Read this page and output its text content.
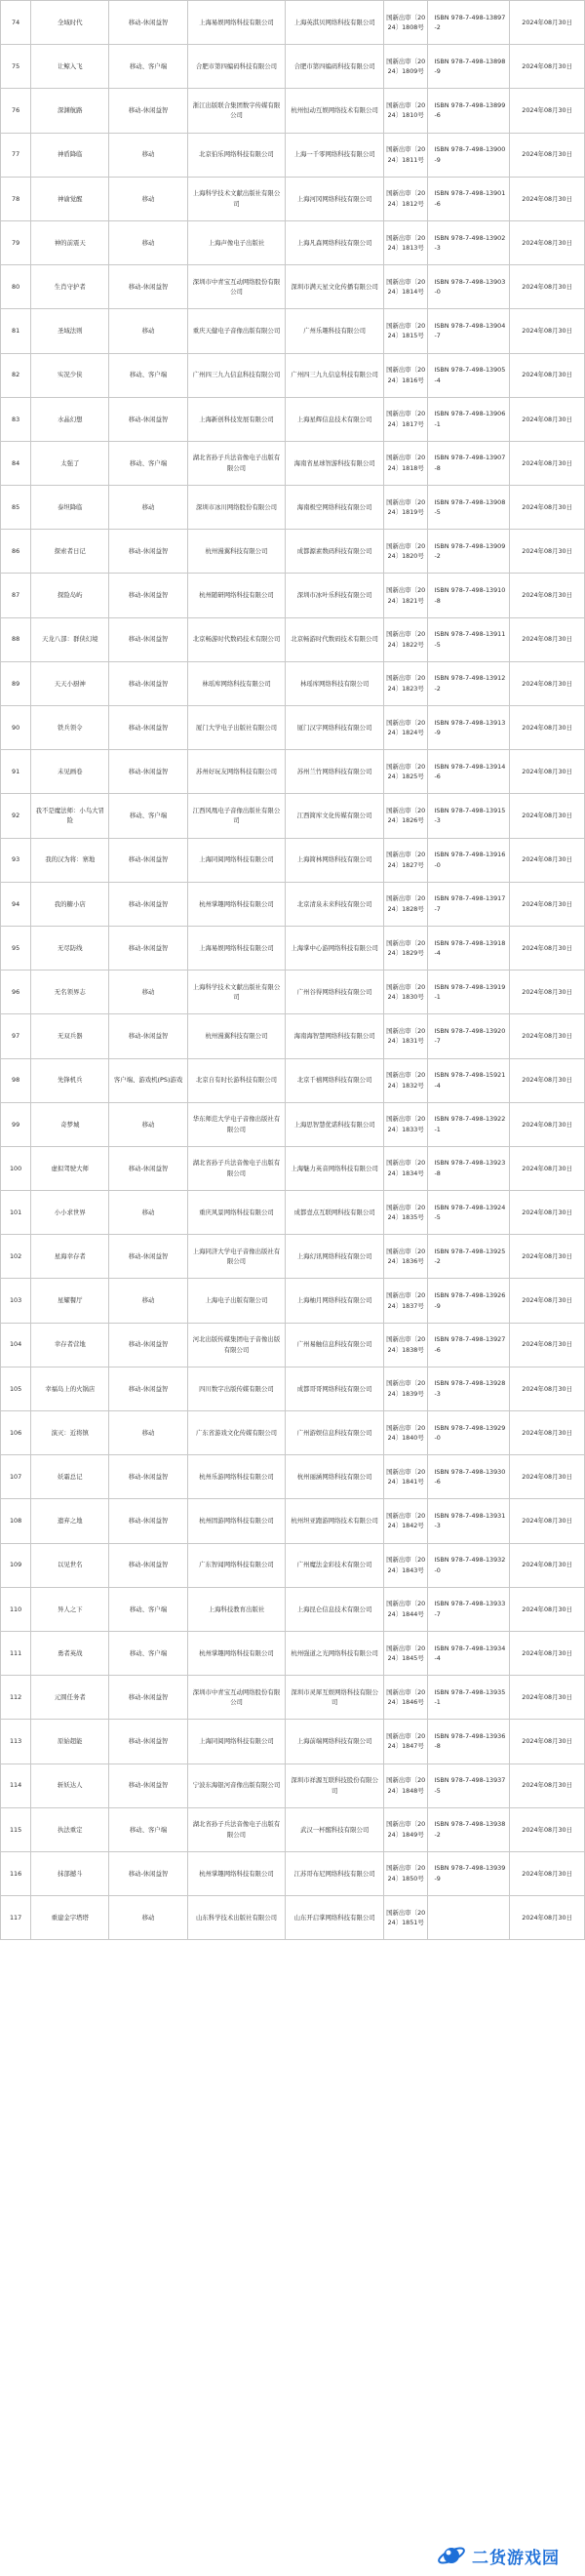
74	全域时代	移动-休闲益智	上海易娱网络科技有限公司	上海英淇贝网络科技有限公司	国新出审〔2024〕1808号	ISBN 978-7-498-13897-2	2024年08月30日
75	让鲸入飞	移动、客户端	合肥市第四编码科技有限公司	合肥市第四编码科技有限公司	国新出审〔2024〕1809号	ISBN 978-7-498-13898-9	2024年08月30日
76	深渊航路	移动-休闲益智	浙江出版联合集团数字传媒有限公司	杭州恒动互娱网络技术有限公司	国新出审〔2024〕1810号	ISBN 978-7-498-13899-6	2024年08月30日
77	神盾降临	移动	北京伯乐网络科技有限公司	上海一千零网络科技有限公司	国新出审〔2024〕1811号	ISBN 978-7-498-13900-9	2024年08月30日
78	神谕觉醒	移动	上海科学技术文献出版社有限公司	上海河冈网络科技有限公司	国新出审〔2024〕1812号	ISBN 978-7-498-13901-6	2024年08月30日
79	神的前震天	移动	上海声像电子出版社	上海凡森网络科技有限公司	国新出审〔2024〕1813号	ISBN 978-7-498-13902-3	2024年08月30日
80	生肖守护者	移动-休闲益智	深圳市中青宝互动网络股份有限公司	深圳市满天星文化传播有限公司	国新出审〔2024〕1814号	ISBN 978-7-498-13903-0	2024年08月30日
81	圣域法则	移动	重庆天健电子音像出版有限公司	广州乐趣科技有限公司	国新出审〔2024〕1815号	ISBN 978-7-498-13904-7	2024年08月30日
82	实况少侠	移动、客户端	广州四三九九信息科技有限公司	广州四三九九信息科技有限公司	国新出审〔2024〕1816号	ISBN 978-7-498-13905-4	2024年08月30日
83	水晶幻想	移动-休闲益智	上海新创科技发展有限公司	上海星辉信息技术有限公司	国新出审〔2024〕1817号	ISBN 978-7-498-13906-1	2024年08月30日
84	太强了	移动、客户端	湖北省孙子兵法音像电子出版有限公司	海南省星球智游科技有限公司	国新出审〔2024〕1818号	ISBN 978-7-498-13907-8	2024年08月30日
85	泰坦降临	移动	深圳市冰川网络股份有限公司	海南极空网络科技有限公司	国新出审〔2024〕1819号	ISBN 978-7-498-13908-5	2024年08月30日
86	探索者日记	移动-休闲益智	杭州漫翼科技有限公司	成都源素数码科技有限公司	国新出审〔2024〕1820号	ISBN 978-7-498-13909-2	2024年08月30日
87	探险岛屿	移动-休闲益智	杭州随研网络科技有限公司	深圳市冰叶乐科技有限公司	国新出审〔2024〕1821号	ISBN 978-7-498-13910-8	2024年08月30日
88	天龙八部：群侠幻境	移动-休闲益智	北京畅游时代数码技术有限公司	北京畅游时代数码技术有限公司	国新出审〔2024〕1822号	ISBN 978-7-498-13911-5	2024年08月30日
89	天天小厨神	移动-休闲益智	林瑶库网络科技有限公司	林瑶库网络科技有限公司	国新出审〔2024〕1823号	ISBN 978-7-498-13912-2	2024年08月30日
90	铁兵领令	移动-休闲益智	厦门大学电子出版社有限公司	厦门汉字网络科技有限公司	国新出审〔2024〕1824号	ISBN 978-7-498-13913-9	2024年08月30日
91	未见画卷	移动-休闲益智	苏州好玩友网络科技有限公司	苏州兰竹网络科技有限公司	国新出审〔2024〕1825号	ISBN 978-7-498-13914-6	2024年08月30日
92	我不是魔法师：小鸟大冒险	移动、客户端	江西风凰电子音像出版社有限公司	江西简库文化传媒有限公司	国新出审〔2024〕1826号	ISBN 978-7-498-13915-3	2024年08月30日
93	我的汉为将：寨地	移动-休闲益智	上海同阅网络科技有限公司	上海简林网络科技有限公司	国新出审〔2024〕1827号	ISBN 978-7-498-13916-0	2024年08月30日
94	我的糖小店	移动-休闲益智	杭州掌趣网络科技有限公司	北京清泉未来科技有限公司	国新出审〔2024〕1828号	ISBN 978-7-498-13917-7	2024年08月30日
95	无尽防线	移动-休闲益智	上海易娱网络科技有限公司	上海掌中心游网络科技有限公司	国新出审〔2024〕1829号	ISBN 978-7-498-13918-4	2024年08月30日
96	无名领界志	移动	上海科学技术文献出版社有限公司	广州谷得网络科技有限公司	国新出审〔2024〕1830号	ISBN 978-7-498-13919-1	2024年08月30日
97	无双兵器	移动-休闲益智	杭州漫翼科技有限公司	海南海智慧网络科技有限公司	国新出审〔2024〕1831号	ISBN 978-7-498-13920-7	2024年08月30日
98	先锋机兵	客户端、游戏机(PS)游戏	北京自有时长游科技有限公司	北京千禧网络科技有限公司	国新出审〔2024〕1832号	ISBN 978-7-498-15921-4	2024年08月30日
99	奇梦城	移动	华东师范大学电子音像出版社有限公司	上海思智慧优诺科技有限公司	国新出审〔2024〕1833号	ISBN 978-7-498-13922-1	2024年08月30日
100	虚拟驾驶大师	移动-休闲益智	湖北省孙子兵法音像电子出版有限公司	上海魅力英音网络科技有限公司	国新出审〔2024〕1834号	ISBN 978-7-498-13923-8	2024年08月30日
101	小小求世界	移动	重庆风景网络科技有限公司	成都壹点互联网科技有限公司	国新出审〔2024〕1835号	ISBN 978-7-498-13924-5	2024年08月30日
102	星海幸存者	移动-休闲益智	上海同济大学电子音像出版社有限公司	上海幻讯网络科技有限公司	国新出审〔2024〕1836号	ISBN 978-7-498-13925-2	2024年08月30日
103	星耀餐厅	移动	上海电子出版有限公司	上海柚月网络科技有限公司	国新出审〔2024〕1837号	ISBN 978-7-498-13926-9	2024年08月30日
104	幸存者营地	移动-休闲益智	河北出版传媒集团电子音像出版有限公司	广州易触信息科技有限公司	国新出审〔2024〕1838号	ISBN 978-7-498-13927-6	2024年08月30日
105	幸福岛上的火锅店	移动-休闲益智	四川数字出版传媒有限公司	成都哥哥网络科技有限公司	国新出审〔2024〕1839号	ISBN 978-7-498-13928-3	2024年08月30日
106	演灭：近将镇	移动	广东省游戏文化传媒有限公司	广州游娱信息科技有限公司	国新出审〔2024〕1840号	ISBN 978-7-498-13929-0	2024年08月30日
107	妖霜总记	移动-休闲益智	杭州乐游网络科技有限公司	杭州丽涵网络科技有限公司	国新出审〔2024〕1841号	ISBN 978-7-498-13930-6	2024年08月30日
108	遗弃之地	移动-休闲益智	杭州固游网络科技有限公司	杭州坦亚跑游网络技术有限公司	国新出审〔2024〕1842号	ISBN 978-7-498-13931-3	2024年08月30日
109	以见世名	移动-休闲益智	广东智闻网络科技有限公司	广州魔法金彩技术有限公司	国新出审〔2024〕1843号	ISBN 978-7-498-13932-0	2024年08月30日
110	异人之下	移动、客户端	上海科技教育出版社	上海昆仑信息技术有限公司	国新出审〔2024〕1844号	ISBN 978-7-498-13933-7	2024年08月30日
111	勇者英战	移动、客户端	杭州掌趣网络科技有限公司	杭州强道之光网络科技有限公司	国新出审〔2024〕1845号	ISBN 978-7-498-13934-4	2024年08月30日
112	元圆任务者	移动-休闲益智	深圳市中青宝互动网络股份有限公司	深圳市灵犀互娱网络科技有限公司	国新出审〔2024〕1846号	ISBN 978-7-498-13935-1	2024年08月30日
113	原始超能	移动-休闲益智	上海同阅网络科技有限公司	上海前端网络科技有限公司	国新出审〔2024〕1847号	ISBN 978-7-498-13936-8	2024年08月30日
114	斩妖达人	移动-休闲益智	宁波东海银河音像出版有限公司	深圳市祥源互联科技股份有限公司	国新出审〔2024〕1848号	ISBN 978-7-498-13937-5	2024年08月30日
115	执法重定	移动、客户端	湖北省孙子兵法音像电子出版有限公司	武汉一杯醒科技有限公司	国新出审〔2024〕1849号	ISBN 978-7-498-13938-2	2024年08月30日
116	抹部撼斗	移动-休闲益智	杭州掌趣网络科技有限公司	江苏哥布尼网络科技有限公司	国新出审〔2024〕1850号	ISBN 978-7-498-13939-9	2024年08月30日
117	重建金字塔塔	移动	山东科学技术出版社有限公司	山东开启掌网络科技有限公司	国新出审〔2024〕1851号		2024年08月30日
二货游戏园
